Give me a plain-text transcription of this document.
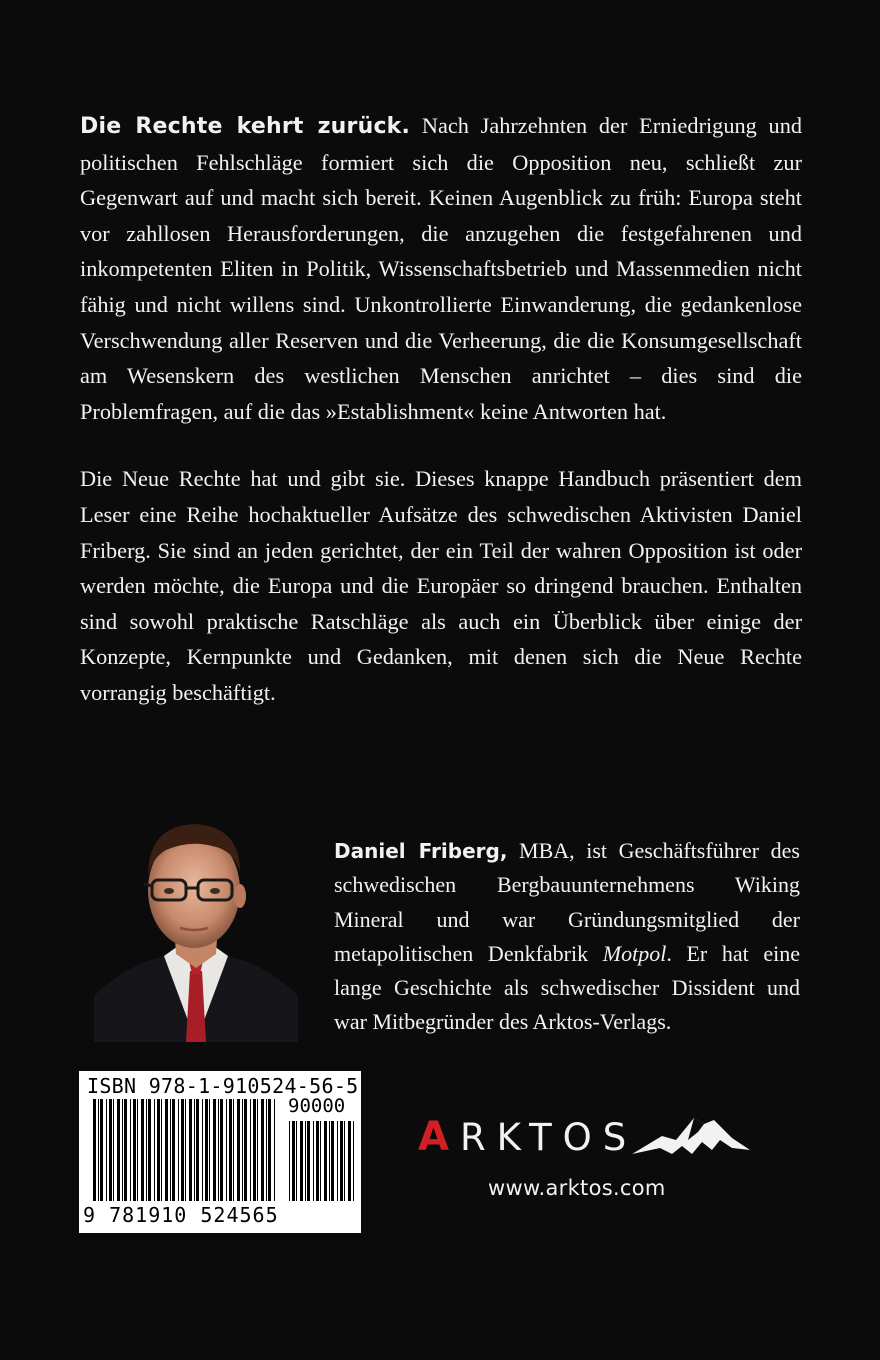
Die Rechte kehrt zurück. Nach Jahrzehnten der Erniedrigung und politischen Fehlschläge formiert sich die Opposition neu, schließt zur Gegenwart auf und macht sich bereit. Keinen Augenblick zu früh: Europa steht vor zahllosen Herausforderungen, die anzugehen die festgefahrenen und inkompetenten Eliten in Politik, Wissenschaftsbetrieb und Massenmedien nicht fähig und nicht willens sind. Unkontrollierte Einwanderung, die gedankenlose Verschwendung aller Reserven und die Verheerung, die die Konsumgesellschaft am Wesenskern des westlichen Menschen anrichtet – dies sind die Problemfragen, auf die das »Establishment« keine Antworten hat.

Die Neue Rechte hat und gibt sie. Dieses knappe Handbuch präsentiert dem Leser eine Reihe hochaktueller Aufsätze des schwedischen Aktivisten Daniel Friberg. Sie sind an jeden gerichtet, der ein Teil der wahren Opposition ist oder werden möchte, die Europa und die Europäer so dringend brauchen. Enthalten sind sowohl praktische Ratschläge als auch ein Überblick über einige der Konzepte, Kernpunkte und Gedanken, mit denen sich die Neue Rechte vorrangig beschäftigt.

Daniel Friberg, MBA, ist Geschäftsführer des schwedischen Bergbauunternehmens Wiking Mineral und war Gründungsmitglied der metapolitischen Denkfabrik Motpol. Er hat eine lange Geschichte als schwedischer Dissident und war Mitbegründer des Arktos-Verlags.

ISBN 978-1-910524-56-5
90000
9 781910 524565
ARKTOS
www.arktos.com
